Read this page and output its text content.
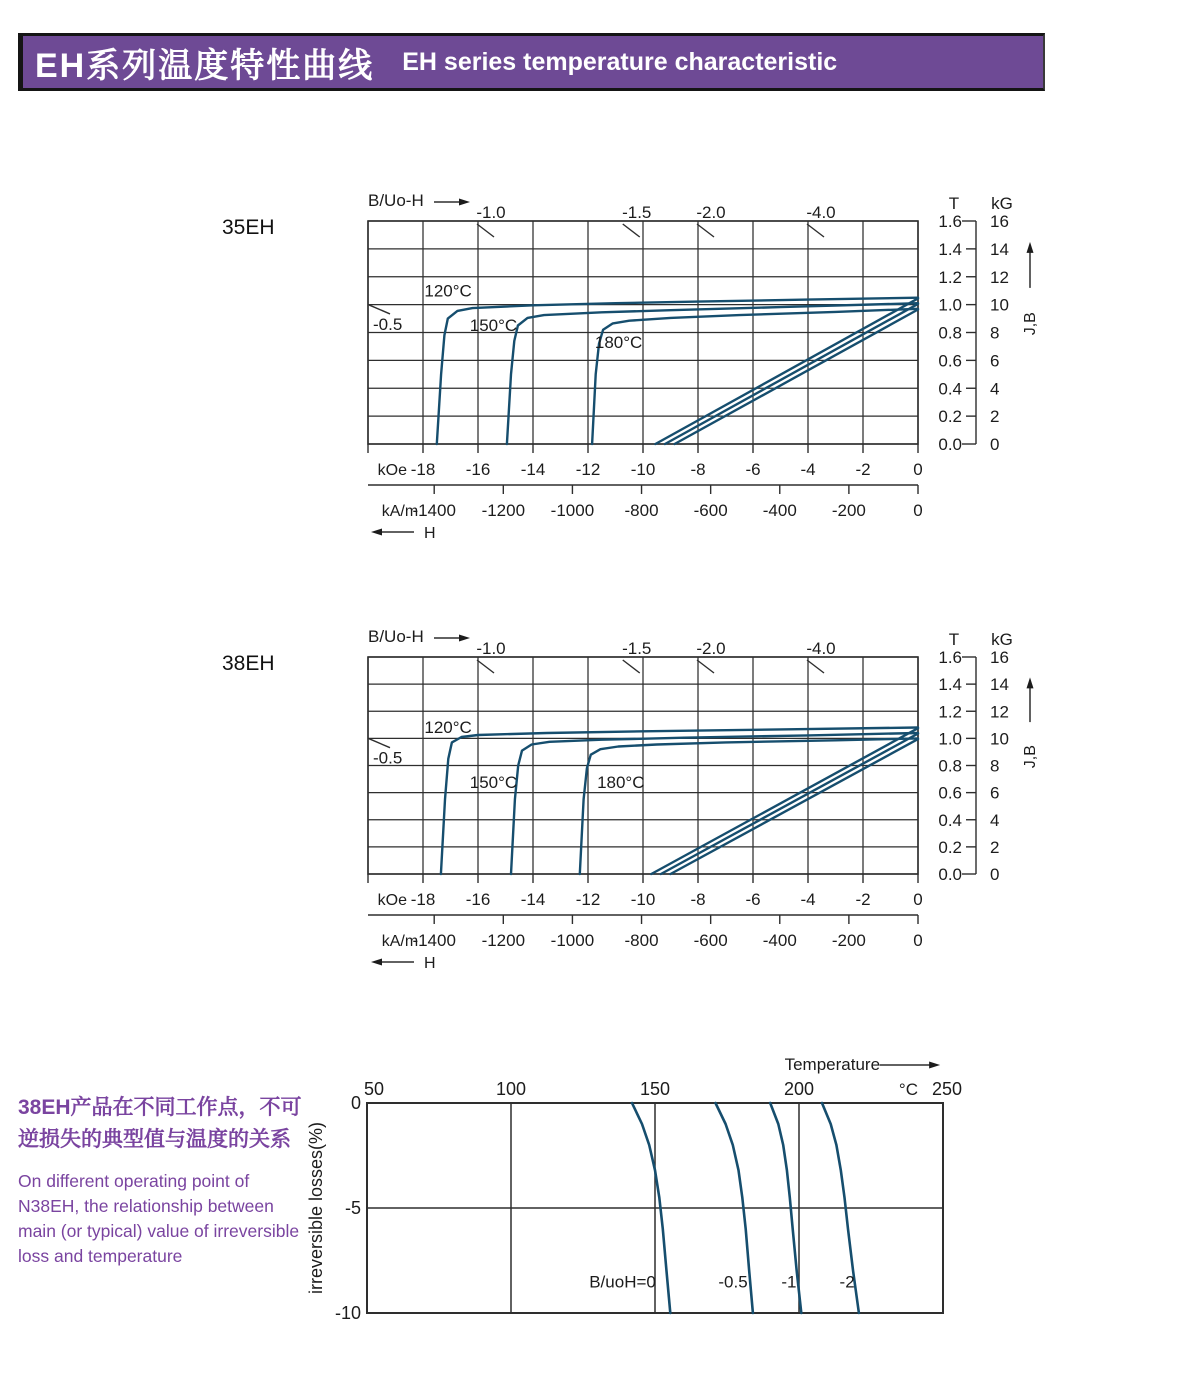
EH系列温度特性曲线	EH series temperature characteristic
35EH
-18 -16 -14 -12 -10 -8 -6 -4 -2	0
kOe
-1400 -1200 -1000 -800 -600 -400 -200	0
kA/m
H
B/Uo-H
-1.0	-1.5	-2.0	-4.0
-0.5
T kG
1.6 16
1.4 14
1.2 12
1.0 10
0.8 8
0.6 6
0.4 4
0.2 2
0.0 0
J,B
120°C
150°C
180°C
38EH
-18 -16 -14 -12 -10 -8 -6 -4 -2	0
kOe
-1400 -1200 -1000 -800 -600 -400 -200	0
kA/m
H
B/Uo-H
-1.0	-1.5	-2.0	-4.0
-0.5
T kG
1.6 16
1.4 14
1.2 12
1.0 10
0.8 8
0.6 6
0.4 4
0.2 2
0.0 0
J,B
120°C
150°C	180°C
38EH产品在不同工作点，不可
逆损失的典型值与温度的关系
On different operating point of
N38EH, the relationship between
main (or typical) value of irreversible
loss and temperature
50	100	150	200	250
°C
Temperature
0
-5
-10
irreversible losses(%)	B/uoH=0	-0.5 -1	-2
